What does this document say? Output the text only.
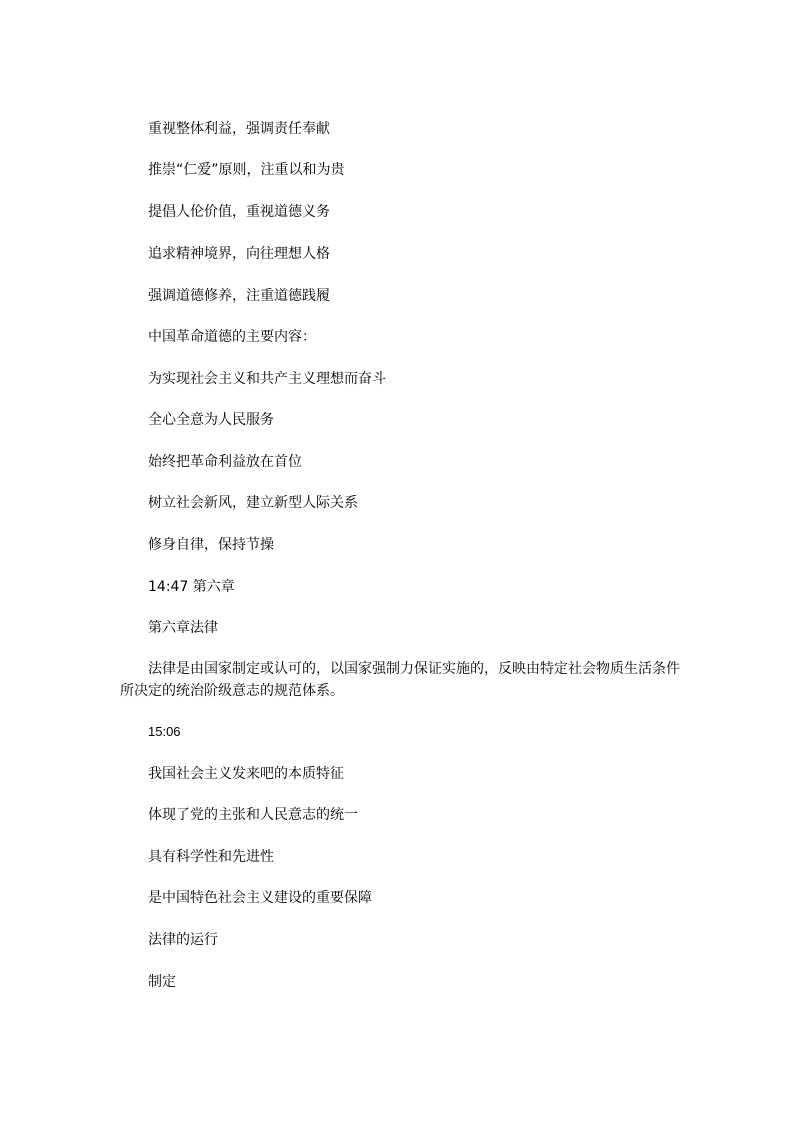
重视整体利益，强调责任奉献
推崇“仁爱”原则，注重以和为贵
提倡人伦价值，重视道德义务
追求精神境界，向往理想人格
强调道德修养，注重道德践履
中国革命道德的主要内容：
为实现社会主义和共产主义理想而奋斗
全心全意为人民服务
始终把革命利益放在首位
树立社会新风，建立新型人际关系
修身自律，保持节操
14:47 第六章
第六章法律
法律是由国家制定或认可的，以国家强制力保证实施的，反映由特定社会物质生活条件所决定的统治阶级意志的规范体系。
15:06
我国社会主义发来吧的本质特征
体现了党的主张和人民意志的统一
具有科学性和先进性
是中国特色社会主义建设的重要保障
法律的运行
制定
